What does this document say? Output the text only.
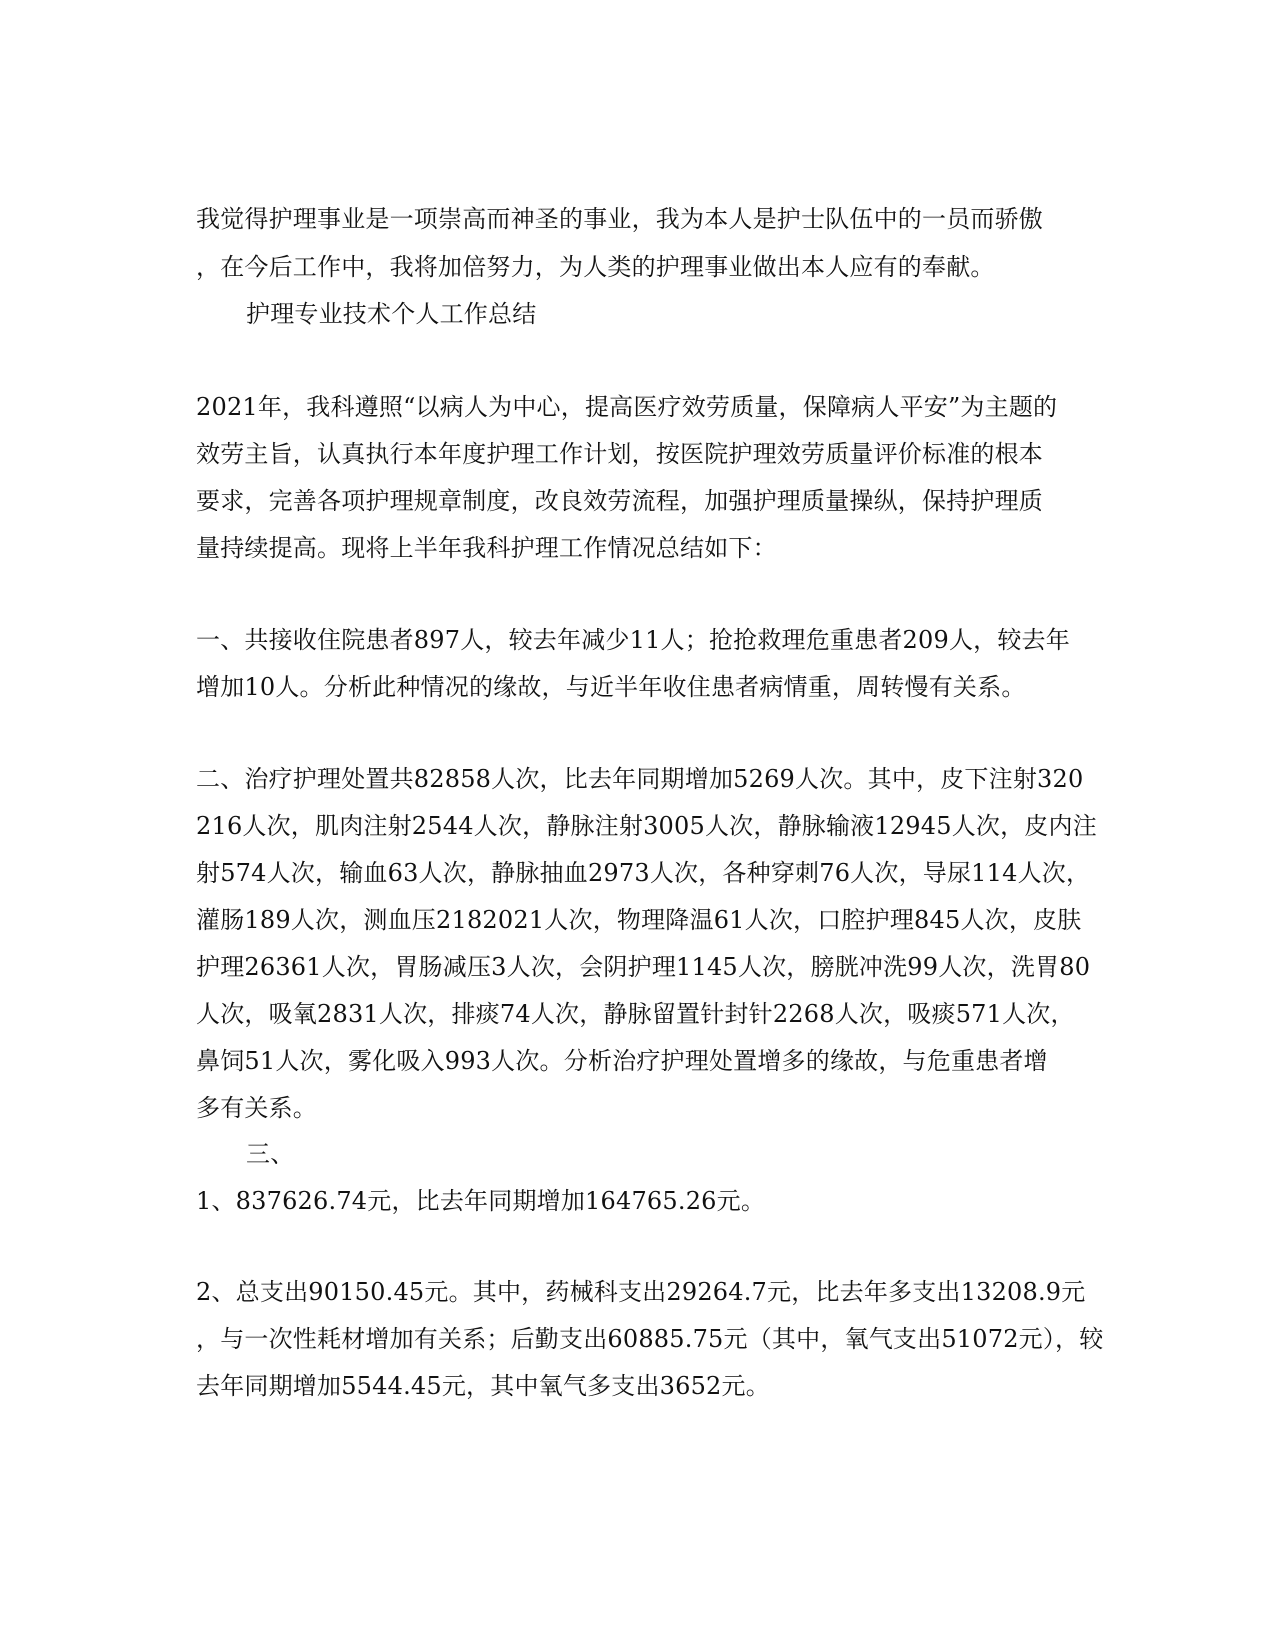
我觉得护理事业是一项崇高而神圣的事业，我为本人是护士队伍中的一员而骄傲
，在今后工作中，我将加倍努力，为人类的护理事业做出本人应有的奉献。
护理专业技术个人工作总结
2021年，我科遵照“以病人为中心，提高医疗效劳质量，保障病人平安”为主题的
效劳主旨，认真执行本年度护理工作计划，按医院护理效劳质量评价标准的根本
要求，完善各项护理规章制度，改良效劳流程，加强护理质量操纵，保持护理质
量持续提高。现将上半年我科护理工作情况总结如下：
一、共接收住院患者897人，较去年减少11人；抢抢救理危重患者209人，较去年
增加10人。分析此种情况的缘故，与近半年收住患者病情重，周转慢有关系。
二、治疗护理处置共82858人次，比去年同期增加5269人次。其中，皮下注射320
216人次，肌肉注射2544人次，静脉注射3005人次，静脉输液12945人次，皮内注
射574人次，输血63人次，静脉抽血2973人次，各种穿刺76人次，导尿114人次，
灌肠189人次，测血压2182021人次，物理降温61人次，口腔护理845人次，皮肤
护理26361人次，胃肠减压3人次，会阴护理1145人次，膀胱冲洗99人次，洗胃80
人次，吸氧2831人次，排痰74人次，静脉留置针封针2268人次，吸痰571人次，
鼻饲51人次，雾化吸入993人次。分析治疗护理处置增多的缘故，与危重患者增
多有关系。
三、
1、837626.74元，比去年同期增加164765.26元。
2、总支出90150.45元。其中，药械科支出29264.7元，比去年多支出13208.9元
，与一次性耗材增加有关系；后勤支出60885.75元（其中，氧气支出51072元），较
去年同期增加5544.45元，其中氧气多支出3652元。
